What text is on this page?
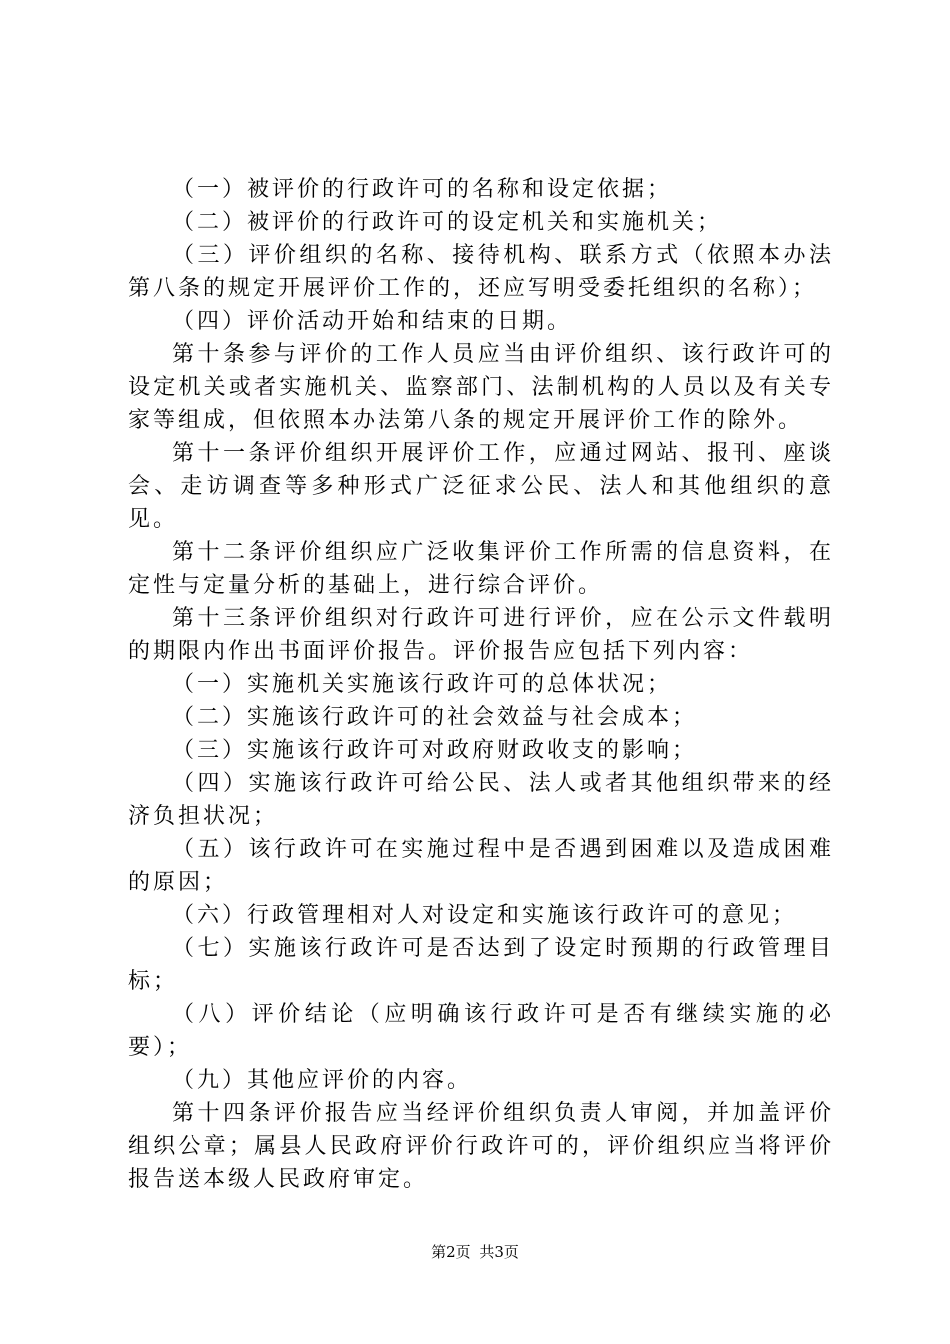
（一）被评价的行政许可的名称和设定依据；

（二）被评价的行政许可的设定机关和实施机关；

（三）评价组织的名称、接待机构、联系方式（依照本办法第八条的规定开展评价工作的，还应写明受委托组织的名称）；

（四）评价活动开始和结束的日期。

第十条参与评价的工作人员应当由评价组织、该行政许可的设定机关或者实施机关、监察部门、法制机构的人员以及有关专家等组成，但依照本办法第八条的规定开展评价工作的除外。

第十一条评价组织开展评价工作，应通过网站、报刊、座谈会、走访调查等多种形式广泛征求公民、法人和其他组织的意见。

第十二条评价组织应广泛收集评价工作所需的信息资料，在定性与定量分析的基础上，进行综合评价。

第十三条评价组织对行政许可进行评价，应在公示文件载明的期限内作出书面评价报告。评价报告应包括下列内容：

（一）实施机关实施该行政许可的总体状况；

（二）实施该行政许可的社会效益与社会成本；

（三）实施该行政许可对政府财政收支的影响；

（四）实施该行政许可给公民、法人或者其他组织带来的经济负担状况；

（五）该行政许可在实施过程中是否遇到困难以及造成困难的原因；

（六）行政管理相对人对设定和实施该行政许可的意见；

（七）实施该行政许可是否达到了设定时预期的行政管理目标；

（八）评价结论（应明确该行政许可是否有继续实施的必要）；

（九）其他应评价的内容。

第十四条评价报告应当经评价组织负责人审阅，并加盖评价组织公章；属县人民政府评价行政许可的，评价组织应当将评价报告送本级人民政府审定。

第2页 共3页
